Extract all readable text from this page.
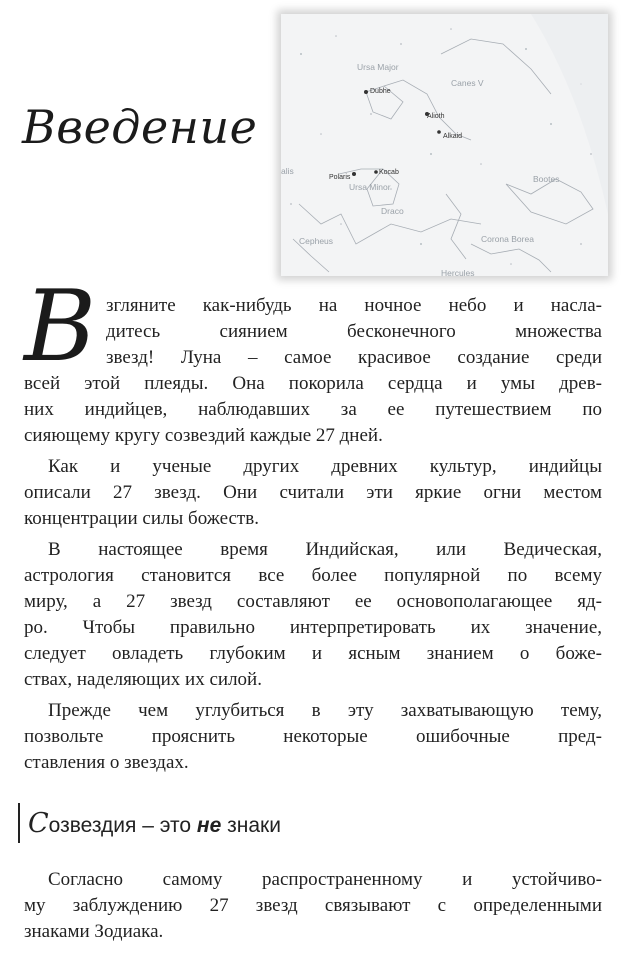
Введение
Ursa Major
Canes V
Ursa Minor
Bootes
Draco
Cepheus	Corona Borea
Hercules
alis
Dubhe
Alioth
Alkaid
Polaris
Kocab
В зглянитe как-нибудь на ночное небо и насла-
дитесь сиянием бесконечного множества
звезд! Луна – самое красивое создание среди
всей этой плеяды. Она покорила сердца и умы древ-
них индийцев, наблюдавших за ее путешествием по
сияющему кругу созвездий каждые 27 дней.
Как и ученые других древних культур, индийцы
описали 27 звезд. Они считали эти яркие огни местом
концентрации силы божеств.
В настоящее время Индийская, или Ведическая,
астрология становится все более популярной по всему
миру, а 27 звезд составляют ее основополагающее яд-
ро. Чтобы правильно интерпретировать их значение,
следует овладеть глубоким и ясным знанием о боже-
ствах, наделяющих их силой.
Прежде чем углубиться в эту захватывающую тему,
позвольте прояснить некоторые ошибочные пред-
ставления о звездах.
Созвездия – это не знаки
Согласно самому распространенному и устойчиво-
му заблуждению 27 звезд связывают с определенными
знаками Зодиака.
